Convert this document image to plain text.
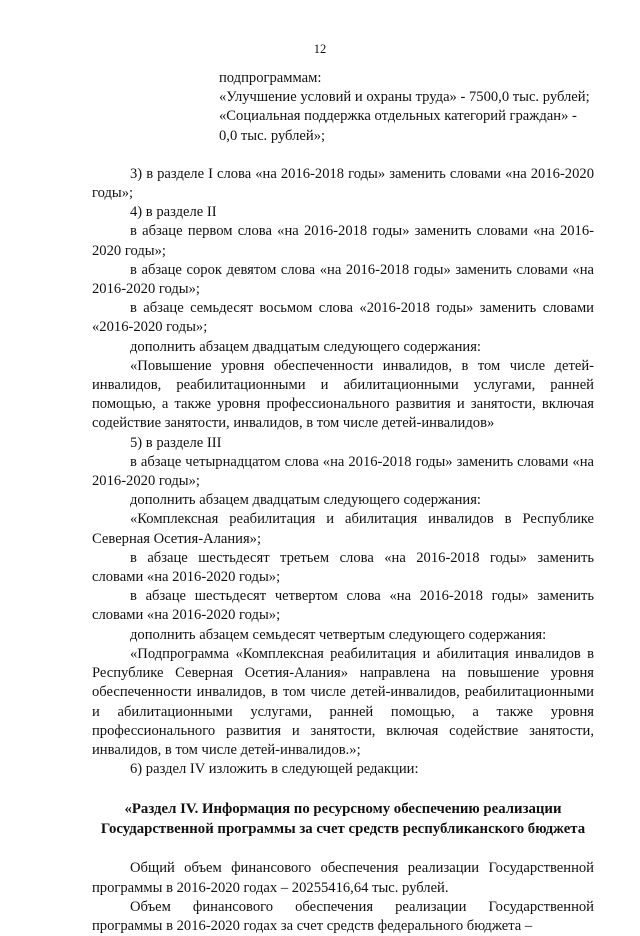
12

подпрограммам:

«Улучшение условий и охраны труда» - 7500,0 тыс. рублей;

«Социальная поддержка отдельных категорий граждан» - 0,0 тыс. рублей»;

3) в разделе I слова «на 2016-2018 годы» заменить словами «на 2016-2020 годы»;

4) в разделе II

в абзаце первом слова «на 2016-2018 годы» заменить словами «на 2016-2020 годы»;

в абзаце сорок девятом слова «на 2016-2018 годы» заменить словами «на 2016-2020 годы»;

в абзаце семьдесят восьмом слова «2016-2018 годы» заменить словами «2016-2020 годы»;

дополнить абзацем двадцатым следующего содержания:

«Повышение уровня обеспеченности инвалидов, в том числе детей-инвалидов, реабилитационными и абилитационными услугами, ранней помощью, а также уровня профессионального развития и занятости, включая содействие занятости, инвалидов, в том числе детей-инвалидов»

5) в разделе III

в абзаце четырнадцатом слова «на 2016-2018 годы» заменить словами «на 2016-2020 годы»;

дополнить абзацем двадцатым следующего содержания:

«Комплексная реабилитация и абилитация инвалидов в Республике Северная Осетия-Алания»;

в абзаце шестьдесят третьем слова «на 2016-2018 годы» заменить словами «на 2016-2020 годы»;

в абзаце шестьдесят четвертом слова «на 2016-2018 годы» заменить словами «на 2016-2020 годы»;

дополнить абзацем семьдесят четвертым следующего содержания:

«Подпрограмма «Комплексная реабилитация и абилитация инвалидов в Республике Северная Осетия-Алания» направлена на повышение уровня обеспеченности инвалидов, в том числе детей-инвалидов, реабилитационными и абилитационными услугами, ранней помощью, а также уровня профессионального развития и занятости, включая содействие занятости, инвалидов, в том числе детей-инвалидов.»;

6) раздел IV изложить в следующей редакции:

«Раздел IV. Информация по ресурсному обеспечению реализации Государственной программы за счет средств республиканского бюджета

Общий объем финансового обеспечения реализации Государственной программы в 2016-2020 годах – 20255416,64 тыс. рублей.

Объем финансового обеспечения реализации Государственной программы в 2016-2020 годах за счет средств федерального бюджета –
